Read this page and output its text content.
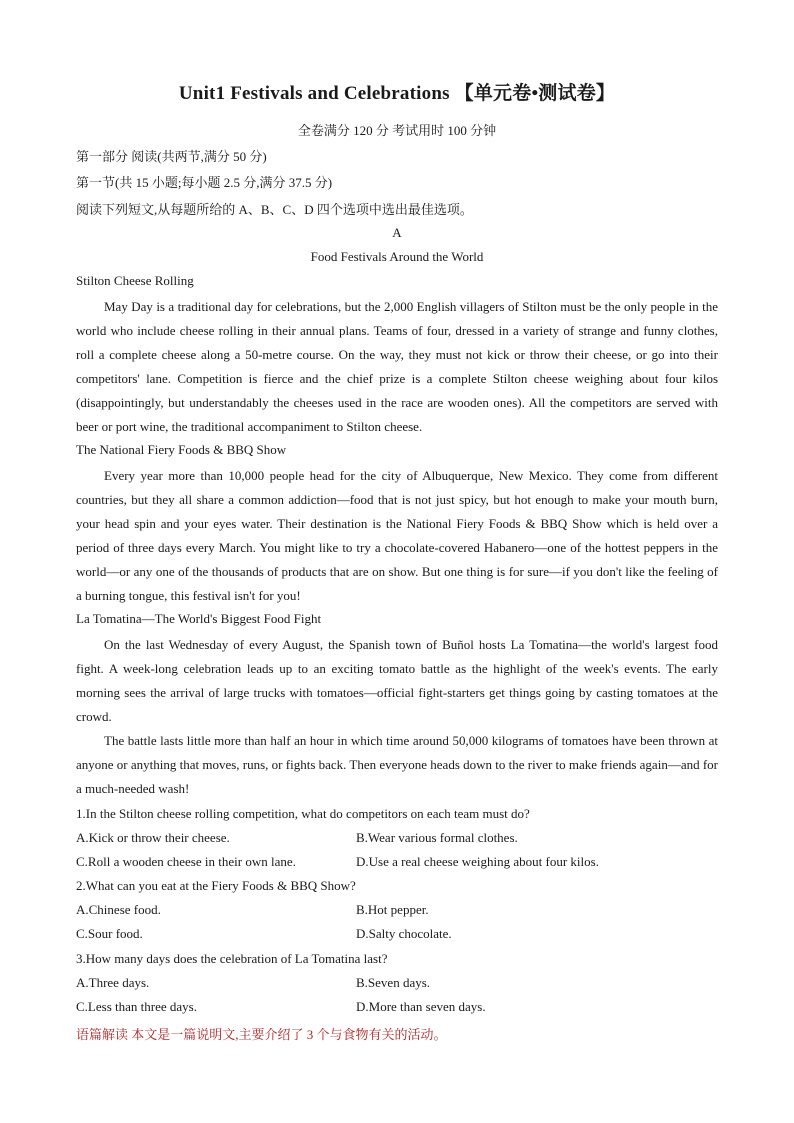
Unit1 Festivals and Celebrations 【单元卷•测试卷】
全卷满分 120 分 考试用时 100 分钟
第一部分 阅读(共两节,满分 50 分)
第一节(共 15 小题;每小题 2.5 分,满分 37.5 分)
阅读下列短文,从每题所给的 A、B、C、D 四个选项中选出最佳选项。
A
Food Festivals Around the World
Stilton Cheese Rolling
May Day is a traditional day for celebrations, but the 2,000 English villagers of Stilton must be the only people in the world who include cheese rolling in their annual plans. Teams of four, dressed in a variety of strange and funny clothes, roll a complete cheese along a 50-metre course. On the way, they must not kick or throw their cheese, or go into their competitors' lane. Competition is fierce and the chief prize is a complete Stilton cheese weighing about four kilos (disappointingly, but understandably the cheeses used in the race are wooden ones). All the competitors are served with beer or port wine, the traditional accompaniment to Stilton cheese.
The National Fiery Foods & BBQ Show
Every year more than 10,000 people head for the city of Albuquerque, New Mexico. They come from different countries, but they all share a common addiction—food that is not just spicy, but hot enough to make your mouth burn, your head spin and your eyes water. Their destination is the National Fiery Foods & BBQ Show which is held over a period of three days every March. You might like to try a chocolate-covered Habanero—one of the hottest peppers in the world—or any one of the thousands of products that are on show. But one thing is for sure—if you don't like the feeling of a burning tongue, this festival isn't for you!
La Tomatina—The World's Biggest Food Fight
On the last Wednesday of every August, the Spanish town of Buñol hosts La Tomatina—the world's largest food fight. A week-long celebration leads up to an exciting tomato battle as the highlight of the week's events. The early morning sees the arrival of large trucks with tomatoes—official fight-starters get things going by casting tomatoes at the crowd.
The battle lasts little more than half an hour in which time around 50,000 kilograms of tomatoes have been thrown at anyone or anything that moves, runs, or fights back. Then everyone heads down to the river to make friends again—and for a much-needed wash!
1.In the Stilton cheese rolling competition, what do competitors on each team must do?
A.Kick or throw their cheese.	B.Wear various formal clothes.
C.Roll a wooden cheese in their own lane.	D.Use a real cheese weighing about four kilos.
2.What can you eat at the Fiery Foods & BBQ Show?
A.Chinese food.	B.Hot pepper.
C.Sour food.	D.Salty chocolate.
3.How many days does the celebration of La Tomatina last?
A.Three days.	B.Seven days.
C.Less than three days.	D.More than seven days.
语篇解读 本文是一篇说明文,主要介绍了 3 个与食物有关的活动。
